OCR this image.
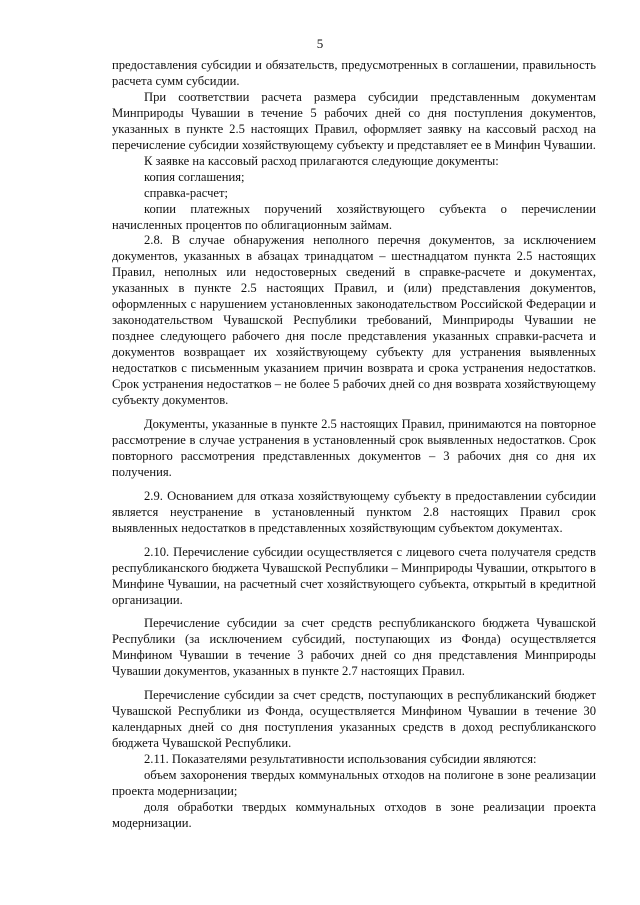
5

предоставления субсидии и обязательств, предусмотренных в соглашении, правильность расчета сумм субсидии.

При соответствии расчета размера субсидии представленным документам Минприроды Чувашии в течение 5 рабочих дней со дня поступления документов, указанных в пункте 2.5 настоящих Правил, оформляет заявку на кассовый расход на перечисление субсидии хозяйствующему субъекту и представляет ее в Минфин Чувашии.

К заявке на кассовый расход прилагаются следующие документы:

копия соглашения;

справка-расчет;

копии платежных поручений хозяйствующего субъекта о перечислении начисленных процентов по облигационным займам.

2.8. В случае обнаружения неполного перечня документов, за исключением документов, указанных в абзацах тринадцатом – шестнадцатом пункта 2.5 настоящих Правил, неполных или недостоверных сведений в справке-расчете и документах, указанных в пункте 2.5 настоящих Правил, и (или) представления документов, оформленных с нарушением установленных законодательством Российской Федерации и законодательством Чувашской Республики требований, Минприроды Чувашии не позднее следующего рабочего дня после представления указанных справки-расчета и документов возвращает их хозяйствующему субъекту для устранения выявленных недостатков с письменным указанием причин возврата и срока устранения недостатков. Срок устранения недостатков – не более 5 рабочих дней со дня возврата хозяйствующему субъекту документов.

Документы, указанные в пункте 2.5 настоящих Правил, принимаются на повторное рассмотрение в случае устранения в установленный срок выявленных недостатков. Срок повторного рассмотрения представленных документов – 3 рабочих дня со дня их получения.

2.9. Основанием для отказа хозяйствующему субъекту в предоставлении субсидии является неустранение в установленный пунктом 2.8 настоящих Правил срок выявленных недостатков в представленных хозяйствующим субъектом документах.

2.10. Перечисление субсидии осуществляется с лицевого счета получателя средств республиканского бюджета Чувашской Республики – Минприроды Чувашии, открытого в Минфине Чувашии, на расчетный счет хозяйствующего субъекта, открытый в кредитной организации.

Перечисление субсидии за счет средств республиканского бюджета Чувашской Республики (за исключением субсидий, поступающих из Фонда) осуществляется Минфином Чувашии в течение 3 рабочих дней со дня представления Минприроды Чувашии документов, указанных в пункте 2.7 настоящих Правил.

Перечисление субсидии за счет средств, поступающих в республиканский бюджет Чувашской Республики из Фонда, осуществляется Минфином Чувашии в течение 30 календарных дней со дня поступления указанных средств в доход республиканского бюджета Чувашской Республики.

2.11. Показателями результативности использования субсидии являются:

объем захоронения твердых коммунальных отходов на полигоне в зоне реализации проекта модернизации;

доля обработки твердых коммунальных отходов в зоне реализации проекта модернизации.
